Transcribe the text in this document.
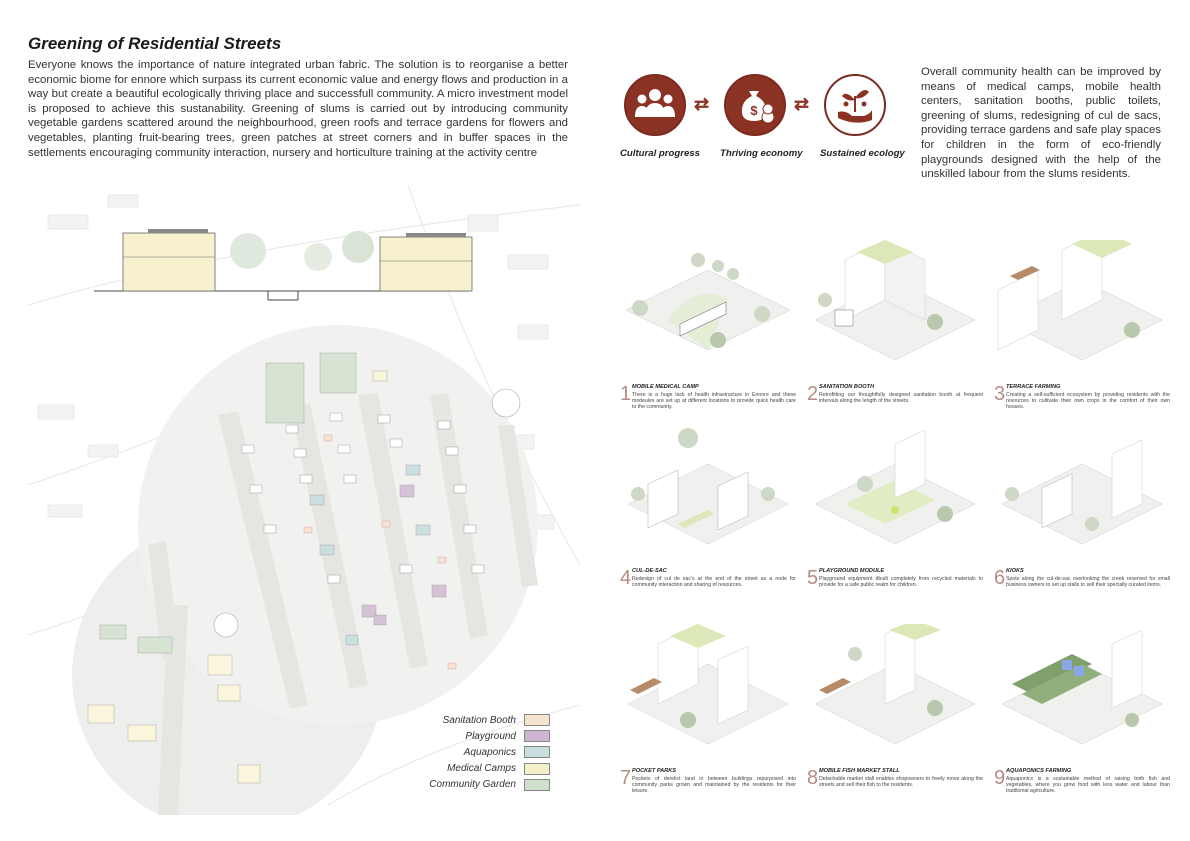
Greening of Residential Streets
Everyone knows the importance of nature integrated urban fabric. The solution is to reorganise a better economic biome for ennore which surpass its current economic value and energy flows and production in a way but create a beautiful ecologically thriving place and successfull community. A micro investment model is proposed to achieve this sustanability. Greening of slums is carried out by introducing community vegetable gardens scattered around the neighbourhood, green roofs and terrace gardens for flowers and vegetables, planting fruit-bearing trees, green patches at street corners and in buffer spaces in the settlements encouraging community interaction, nursery and horticulture training at the activity centre
⇄	$ ⇄
Cultural progress Thriving economy Sustained ecology
Overall community health can be improved by means of medical camps, mobile health centers, sanitation booths, public toilets, greening of slums, redesigning of cul de sacs, providing terrace gardens and safe play spaces for children in the form of eco-friendly playgrounds designed with the help of the unskilled labour from the slums residents.
Sanitation Booth
Playground
Aquaponics
Medical Camps
Community Garden
1 MOBILE MEDICAL CAMP
There is a huge lack of health infrastructure in Ennore and these modeules are set up at different locations to provide quick health care to the community.
2 SANITATION BOOTH
Retrofitting our thoughtfully designed sanitation booth at frequent intervals along the length of the streets.	3 TERRACE FARMING
Creating a self-sufficient ecosystem by providing residents with the resources to cultivate their own crops in the comfort of their own houses.
4 CUL-DE-SAC
Redesign of cul de sac's at the end of the street as a node for community interaction and sharing of resources.	5 PLAYGROUND MODULE
Playground equipment dbuilt completely from recycled materials to provide for a safe public realm for children.	6 KIOKS
Spots along the cul-de-sac overlooking the creek reserved for small business owners to set up stalls to sell their specially curated items.
7 POCKET PARKS
Pockets of derelict land in between buildings repurposed into community parks grown and maintained by the residents for their leisure.
8 MOBILE FISH MARKET STALL
Detachable market stall enables shopowners to freely move along the streets and sell their fish to the residents.	9 AQUAPONICS FARMING
Aquaponics is a sustainable method of raising both fish and vegetables, where you grow food with less water and labour than traditional agriculture.
